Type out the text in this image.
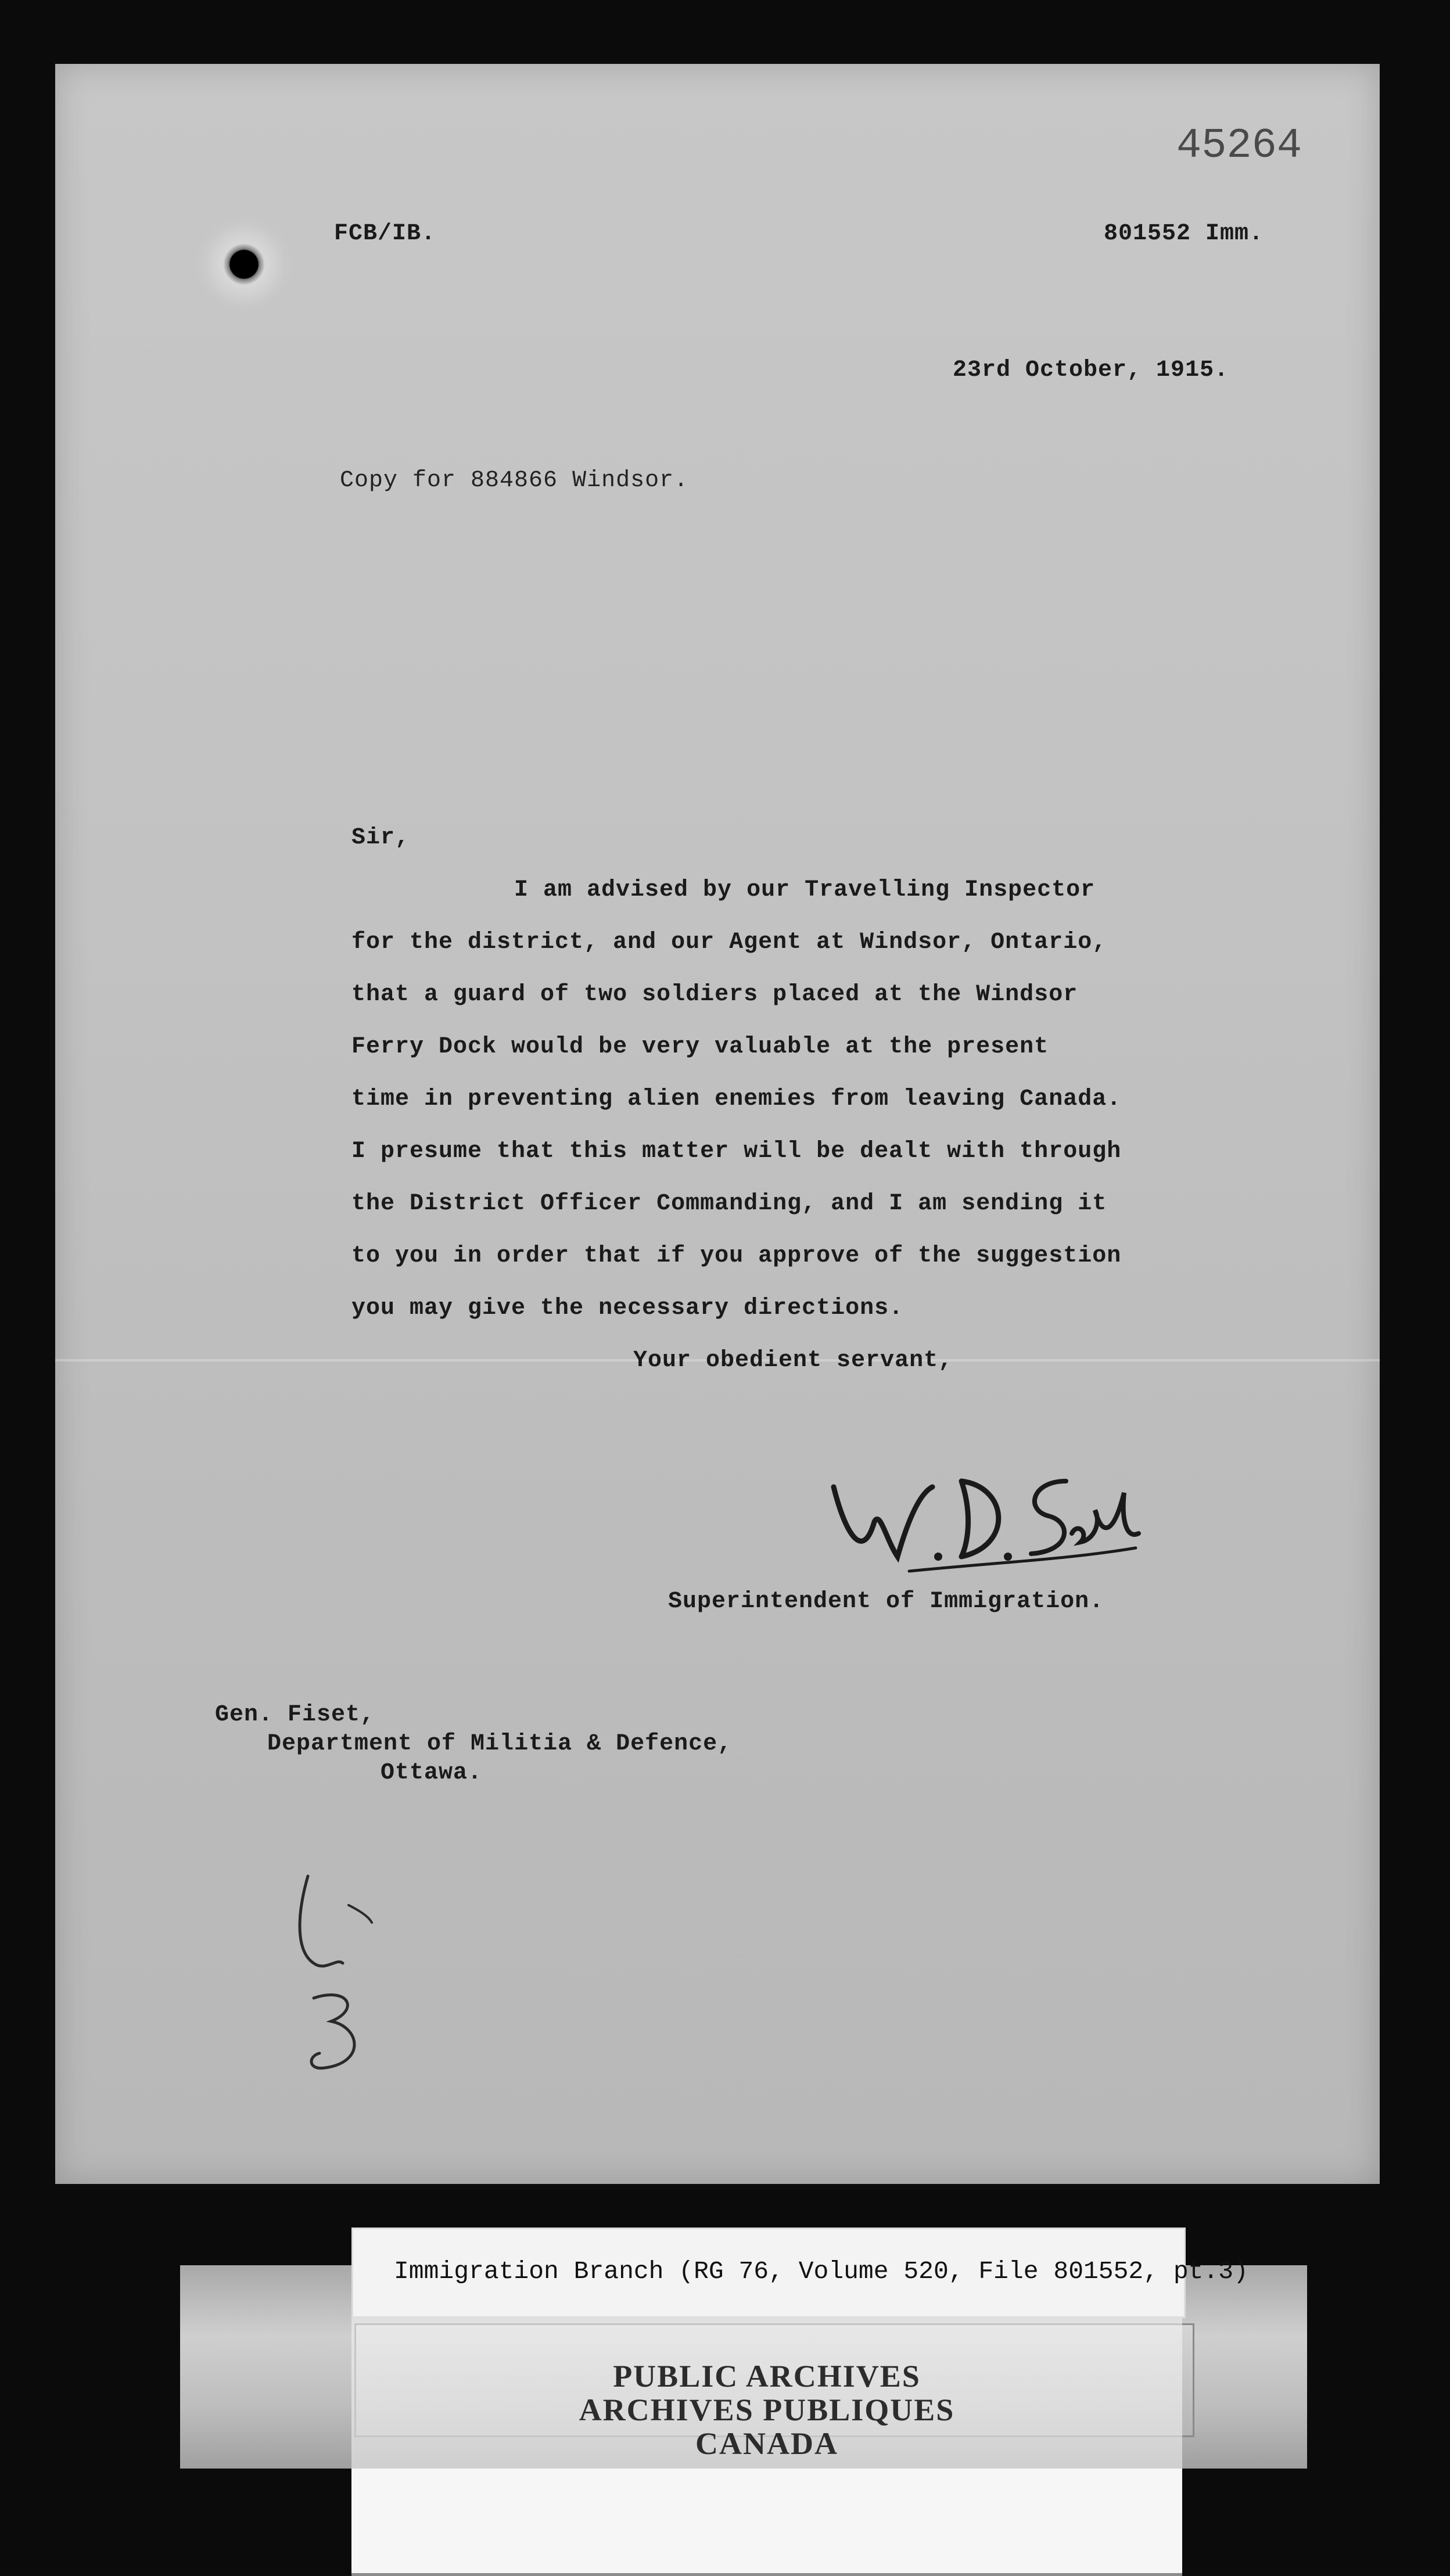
45264
FCB/IB.	801552 Imm.
23rd October, 1915.
Copy for 884866 Windsor.
Sir,
I am advised by our Travelling Inspector
for the district, and our Agent at Windsor, Ontario,
that a guard of two soldiers placed at the Windsor
Ferry Dock would be very valuable at the present
time in preventing alien enemies from leaving Canada.
I presume that this matter will be dealt with through
the District Officer Commanding, and I am sending it
to you in order that if you approve of the suggestion
you may give the necessary directions.
Your obedient servant,
Superintendent of Immigration.
Gen. Fiset,
Department of Militia & Defence,
Ottawa.
Immigration Branch (RG 76, Volume 520, File 801552, pt.3)
PUBLIC ARCHIVES
ARCHIVES PUBLIQUES
CANADA
